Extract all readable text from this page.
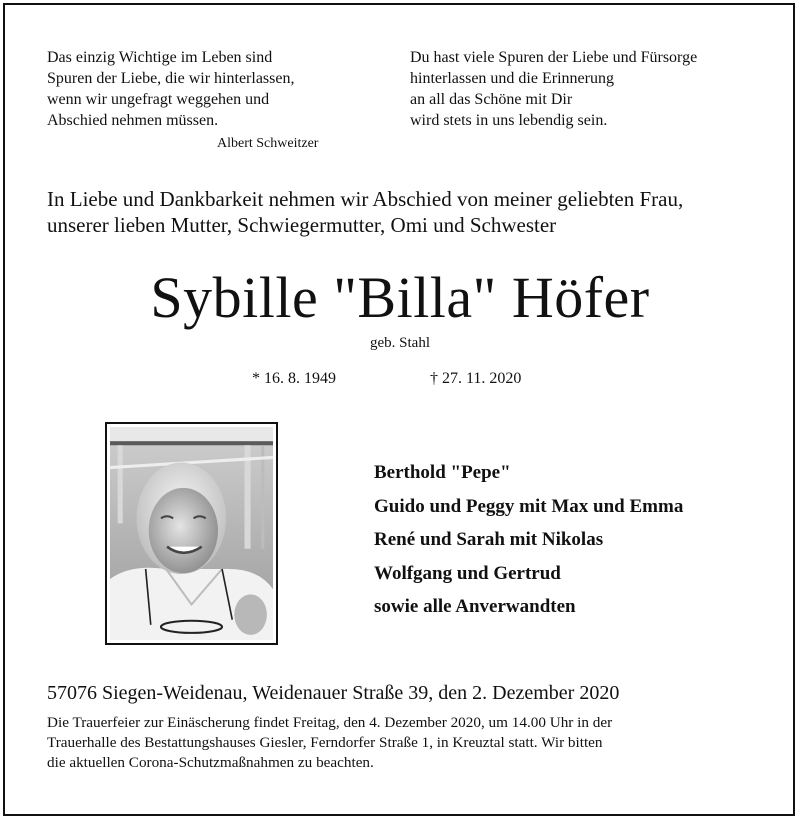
Das einzig Wichtige im Leben sind
Spuren der Liebe, die wir hinterlassen,
wenn wir ungefragt weggehen und
Abschied nehmen müssen.
Albert Schweitzer
Du hast viele Spuren der Liebe und Fürsorge
hinterlassen und die Erinnerung
an all das Schöne mit Dir
wird stets in uns lebendig sein.
In Liebe und Dankbarkeit nehmen wir Abschied von meiner geliebten Frau,
unserer lieben Mutter, Schwiegermutter, Omi und Schwester
Sybille "Billa" Höfer
geb. Stahl
* 16. 8. 1949	† 27. 11. 2020
Berthold "Pepe"
Guido und Peggy mit Max und Emma
René und Sarah mit Nikolas
Wolfgang und Gertrud
sowie alle Anverwandten
57076 Siegen-Weidenau, Weidenauer Straße 39, den 2. Dezember 2020
Die Trauerfeier zur Einäscherung findet Freitag, den 4. Dezember 2020, um 14.00 Uhr in der
Trauerhalle des Bestattungshauses Giesler, Ferndorfer Straße 1, in Kreuztal statt. Wir bitten
die aktuellen Corona-Schutzmaßnahmen zu beachten.
